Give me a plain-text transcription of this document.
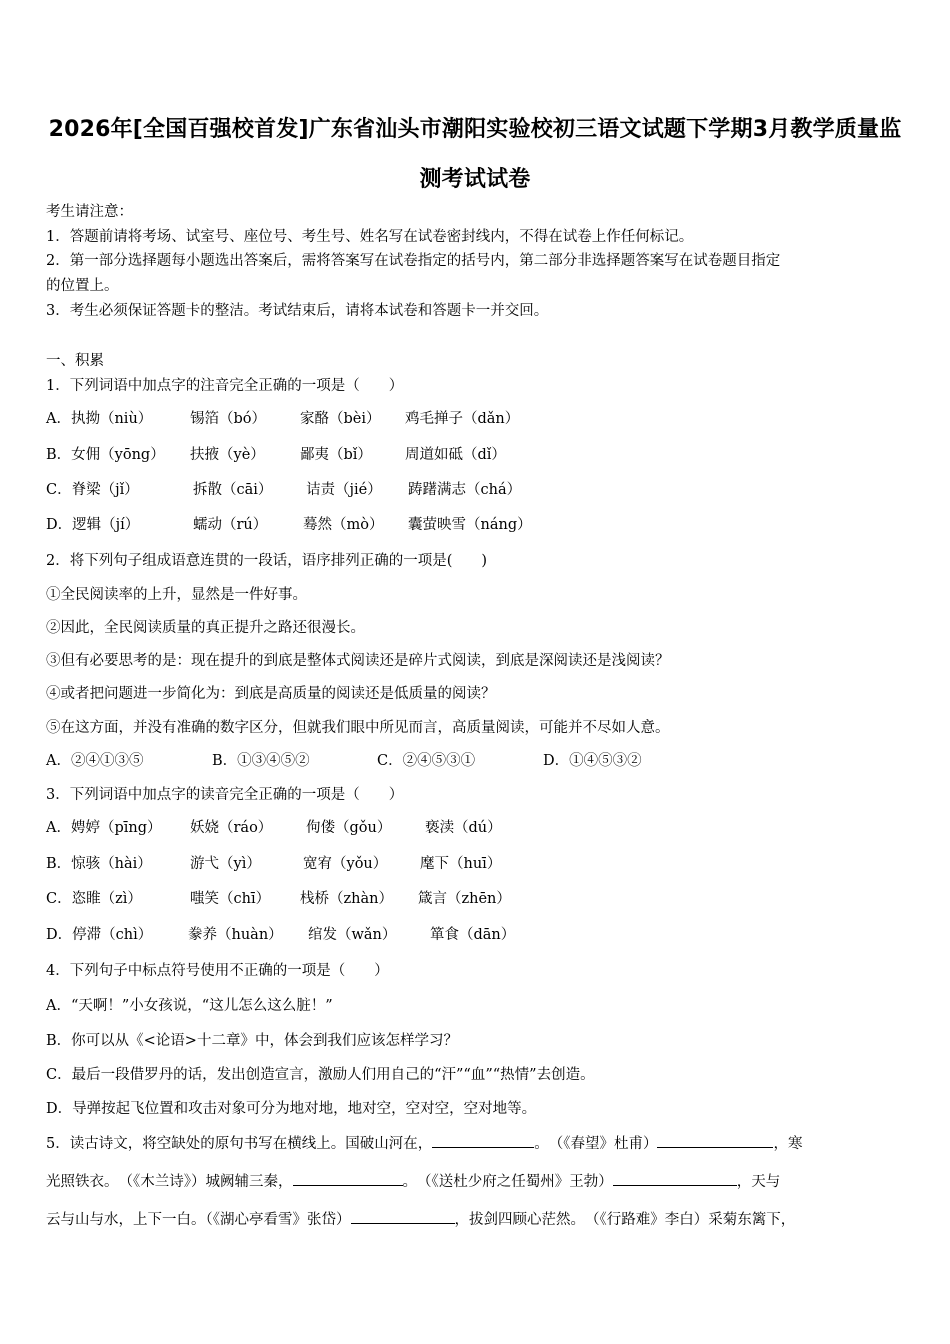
2026年[全国百强校首发]广东省汕头市潮阳实验校初三语文试题下学期3月教学质量监
测考试试卷
考生请注意：
1．答题前请将考场、试室号、座位号、考生号、姓名写在试卷密封线内，不得在试卷上作任何标记。
2．第一部分选择题每小题选出答案后，需将答案写在试卷指定的括号内，第二部分非选择题答案写在试卷题目指定
的位置上。
3．考生必须保证答题卡的整洁。考试结束后，请将本试卷和答题卡一并交回。
一、积累
1．下列词语中加点字的注音完全正确的一项是（　　）
A．执拗（niù）	锡箔（bó） 家酪（bèi） 鸡毛掸子（dǎn）
B．女佣（yōng） 扶掖（yè） 鄙夷（bǐ） 周道如砥（dǐ）
C．脊梁（jǐ）	拆散（cāi） 诘责（jié） 踌躇满志（chá）
D．逻辑（jí）	蠕动（rú） 蓦然（mò） 囊萤映雪（náng）
2．将下列句子组成语意连贯的一段话，语序排列正确的一项是(　　)
①全民阅读率的上升，显然是一件好事。
②因此，全民阅读质量的真正提升之路还很漫长。
③但有必要思考的是：现在提升的到底是整体式阅读还是碎片式阅读，到底是深阅读还是浅阅读？
④或者把问题进一步简化为：到底是高质量的阅读还是低质量的阅读？
⑤在这方面，并没有准确的数字区分，但就我们眼中所见而言，高质量阅读，可能并不尽如人意。
A．②④①③⑤	B．①③④⑤②	C．②④⑤③①	D．①④⑤③②
3．下列词语中加点字的读音完全正确的一项是（　　）
A．娉婷（pīng） 妖娆（ráo） 佝偻（gǒu） 亵渎（dú）
B．惊骇（hài）	游弋（yì）	宽宥（yǒu） 麾下（huī）
C．恣睢（zì）	嗤笑（chī） 栈桥（zhàn） 箴言（zhēn）
D．停滞（chì） 豢养（huàn） 绾发（wǎn） 箪食（dān）
4．下列句子中标点符号使用不正确的一项是（　　）
A．“天啊！”小女孩说，“这儿怎么这么脏！”
B．你可以从《<论语>十二章》中，体会到我们应该怎样学习？
C．最后一段借罗丹的话，发出创造宣言，激励人们用自己的“汗”“血”“热情”去创造。
D．导弹按起飞位置和攻击对象可分为地对地，地对空，空对空，空对地等。
5．读古诗文，将空缺处的原句书写在横线上。国破山河在，	。　（《春望》杜甫）	，寒
光照铁衣。　（《木兰诗》）城阙辅三秦，	。　（《送杜少府之任蜀州》王勃）	，天与
云与山与水，上下一白。（《湖心亭看雪》张岱）	，拔剑四顾心茫然。　（《行路难》李白）采菊东篱下，
